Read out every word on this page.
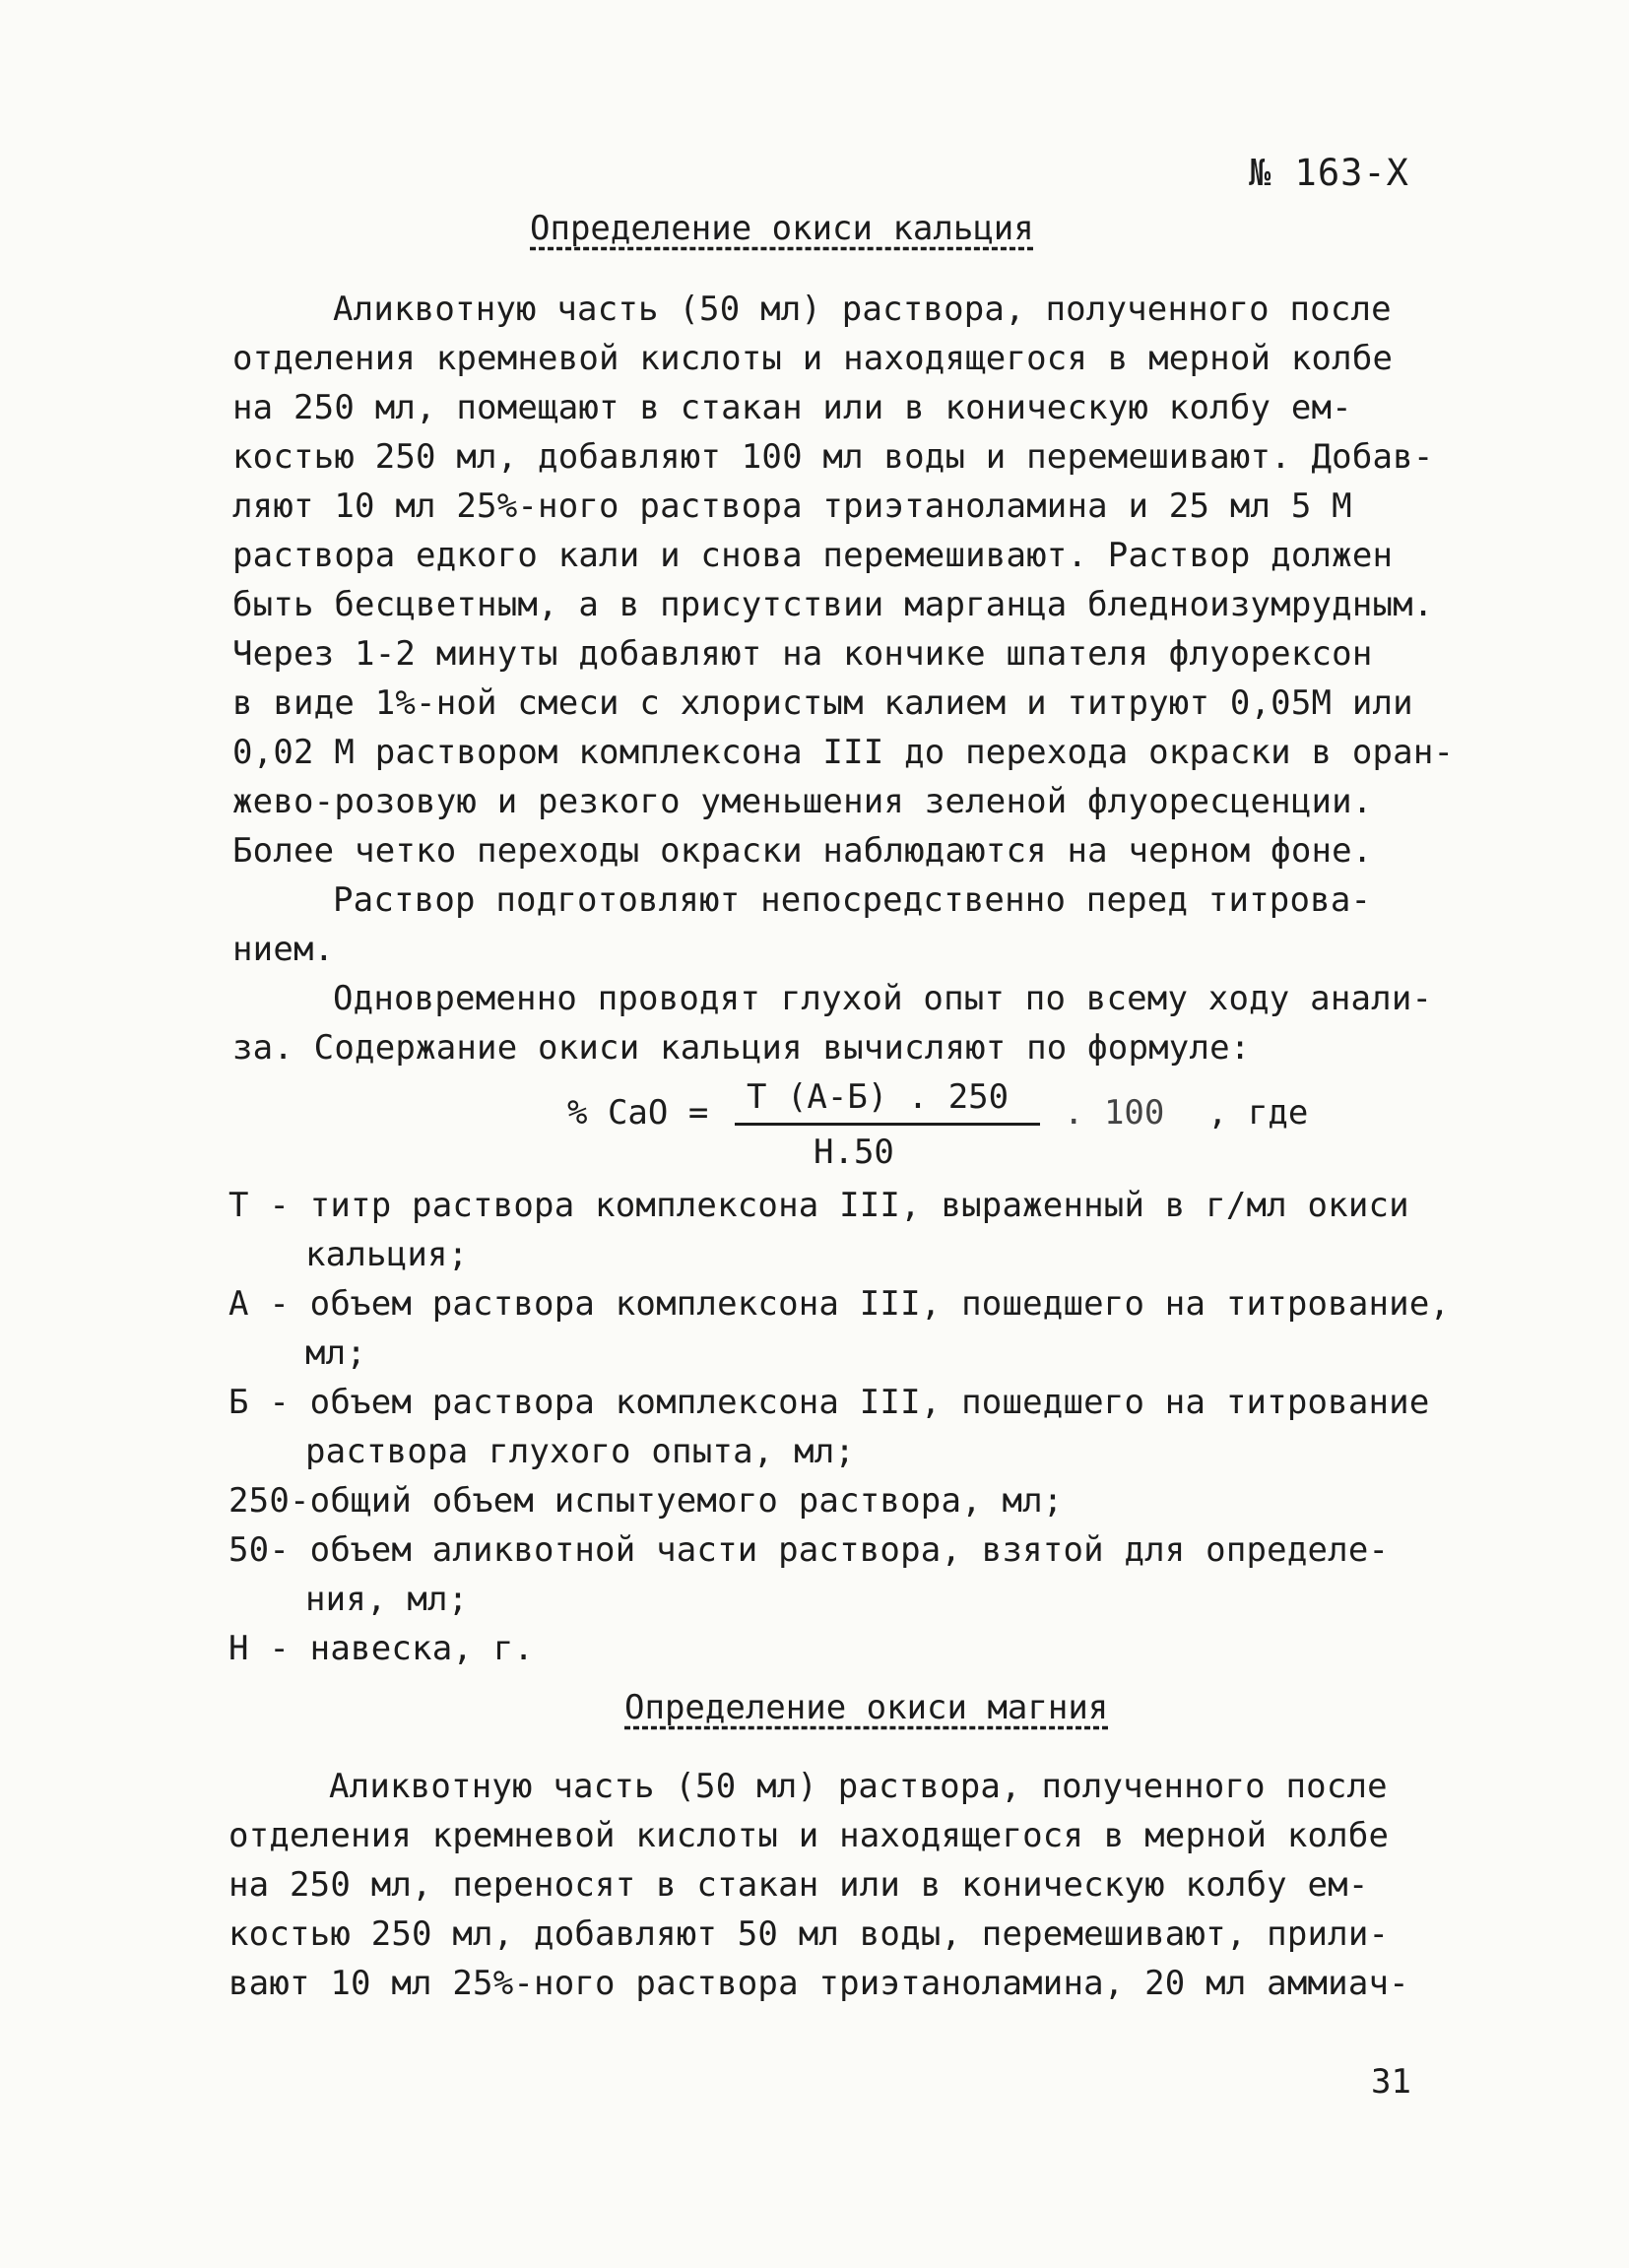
№ 163-Х
Определение окиси кальция
Аликвотную часть (50 мл) раствора, полученного после
отделения кремневой кислоты и находящегося в мерной колбе
на 250 мл, помещают в стакан или в коническую колбу ем-
костью 250 мл, добавляют 100 мл воды и перемешивают. Добав-
ляют 10 мл 25%-ного раствора триэтаноламина и 25 мл 5 М
раствора едкого кали и снова перемешивают. Раствор должен
быть бесцветным, а в присутствии марганца бледноизумрудным.
Через 1-2 минуты добавляют на кончике шпателя флуорексон
в виде 1%-ной смеси с хлористым калием и титруют 0,05М или
0,02 М раствором комплексона III до перехода окраски в оран-
жево-розовую и резкого уменьшения зеленой флуоресценции.
Более четко переходы окраски наблюдаются на черном фоне.
Раствор подготовляют непосредственно перед титрова-
нием.
Одновременно проводят глухой опыт по всему ходу анали-
за. Содержание окиси кальция вычисляют по формуле:
% CaO = Т (А-Б) . 250
Н.50
. 100 , где
Т - титр раствора комплексона III, выраженный в г/мл окиси
кальция;
А - объем раствора комплексона III, пошедшего на титрование,
мл;
Б - объем раствора комплексона III, пошедшего на титрование
раствора глухого опыта, мл;
250-общий объем испытуемого раствора, мл;
50- объем аликвотной части раствора, взятой для определе-
ния, мл;
Н - навеска, г.
Определение окиси магния
Аликвотную часть (50 мл) раствора, полученного после
отделения кремневой кислоты и находящегося в мерной колбе
на 250 мл, переносят в стакан или в коническую колбу ем-
костью 250 мл, добавляют 50 мл воды, перемешивают, прили-
вают 10 мл 25%-ного раствора триэтаноламина, 20 мл аммиач-
31
